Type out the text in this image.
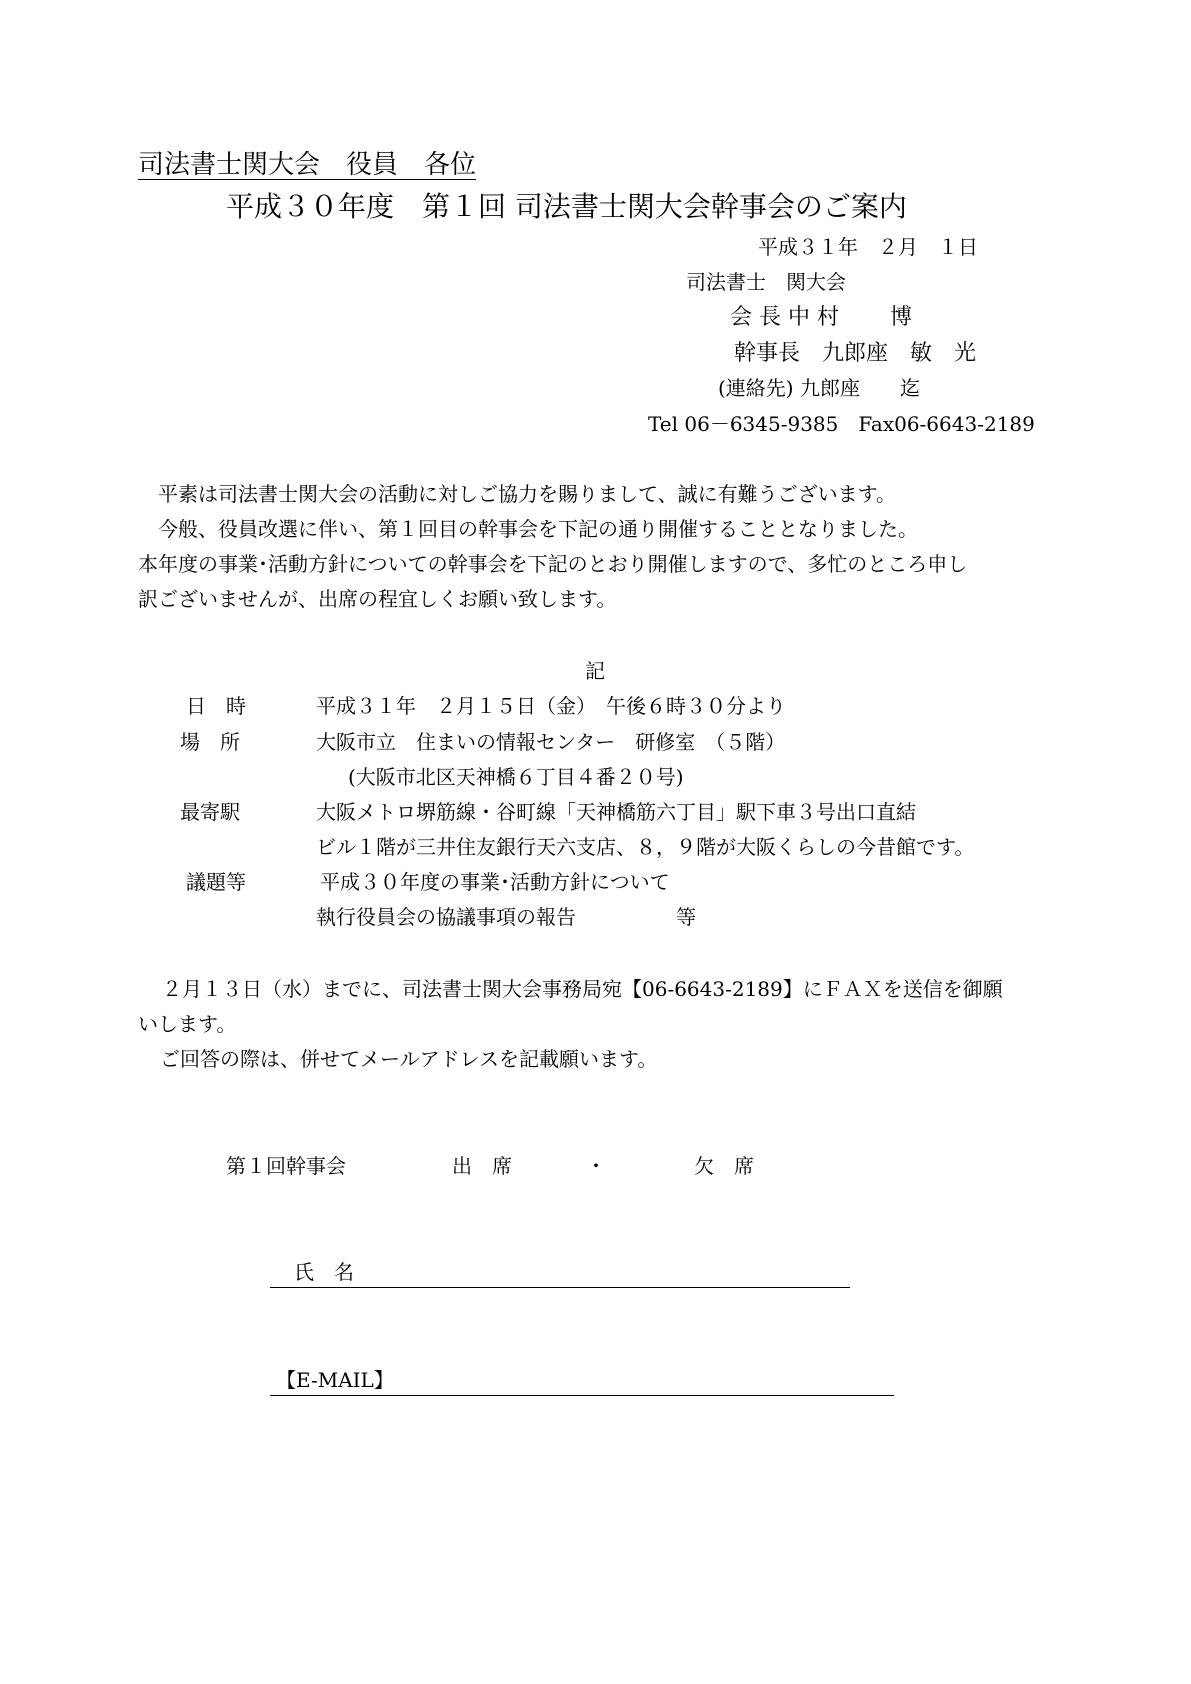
司法書士関大会　役員　各位
平成３０年度　第１回 司法書士関大会幹事会のご案内
平成３１年　２月　１日
司法書士　関大会
会 長 中 村　　 博
幹事長　九郎座　敏　光
(連絡先) 九郎座　　迄
Tel 06－6345-9385　Fax06-6643-2189
平素は司法書士関大会の活動に対しご協力を賜りまして、誠に有難うございます。
今般、役員改選に伴い、第１回目の幹事会を下記の通り開催することとなりました。
本年度の事業･活動方針についての幹事会を下記のとおり開催しますので、多忙のところ申し
訳ございませんが、出席の程宜しくお願い致します。
記
日　時	平成３１年　２月１５日（金）　午後６時３０分より
場　所	大阪市立　住まいの情報センター　研修室　（５階）
(大阪市北区天神橋６丁目４番２０号)
最寄駅	大阪メトロ堺筋線・谷町線「天神橋筋六丁目」駅下車３号出口直結
ビル１階が三井住友銀行天六支店、８，９階が大阪くらしの今昔館です。
議題等	平成３０年度の事業･活動方針について
執行役員会の協議事項の報告　　　　　等
２月１３日（水）までに、司法書士関大会事務局宛【06-6643-2189】にＦＡＸを送信を御願
いします。
ご回答の際は、併せてメールアドレスを記載願います。
第１回幹事会	出　席	・	欠　席
氏　名
【E-MAIL】
